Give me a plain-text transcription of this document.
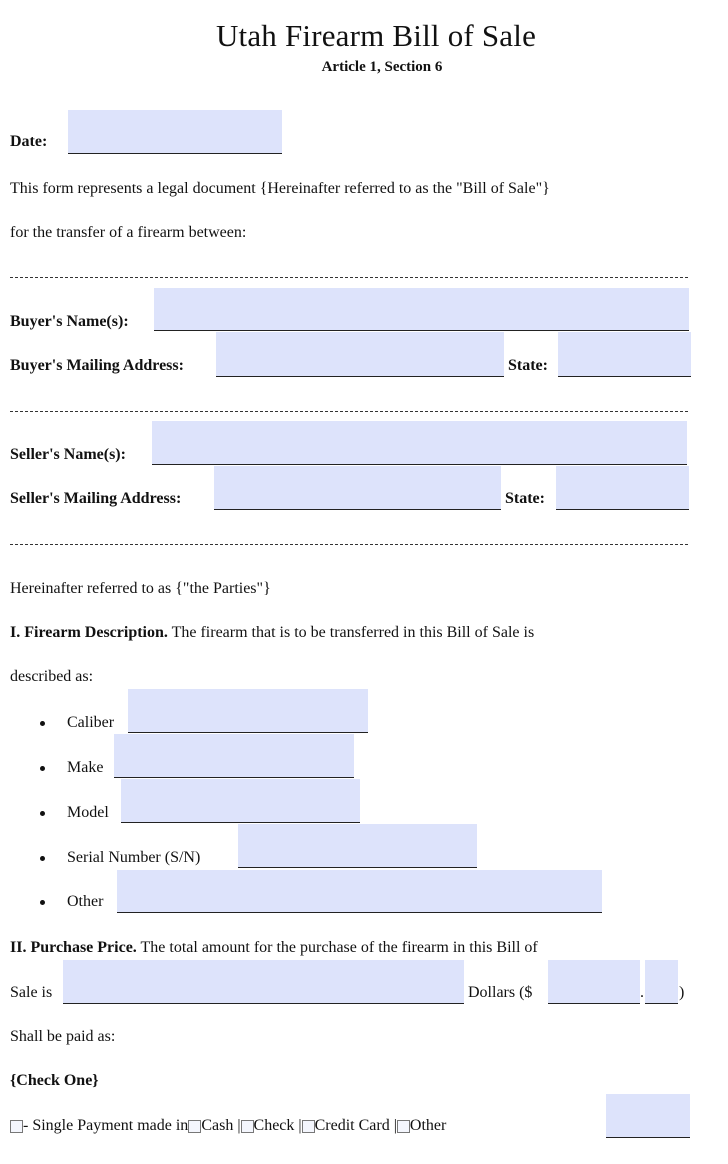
Utah Firearm Bill of Sale
Article 1, Section 6
Date:
This form represents a legal document {Hereinafter referred to as the "Bill of Sale"}
for the transfer of a firearm between:
Buyer's Name(s):
Buyer's Mailing Address:	State:
Seller's Name(s):
Seller's Mailing Address:	State:
Hereinafter referred to as {"the Parties"}
I. Firearm Description. The firearm that is to be transferred in this Bill of Sale is
described as:
Caliber
Make
Model
Serial Number (S/N)
Other
II. Purchase Price. The total amount for the purchase of the firearm in this Bill of
Sale is	Dollars ($	. )
Shall be paid as:
{Check One}
- Single Payment made in Cash | Check | Credit Card | Other
